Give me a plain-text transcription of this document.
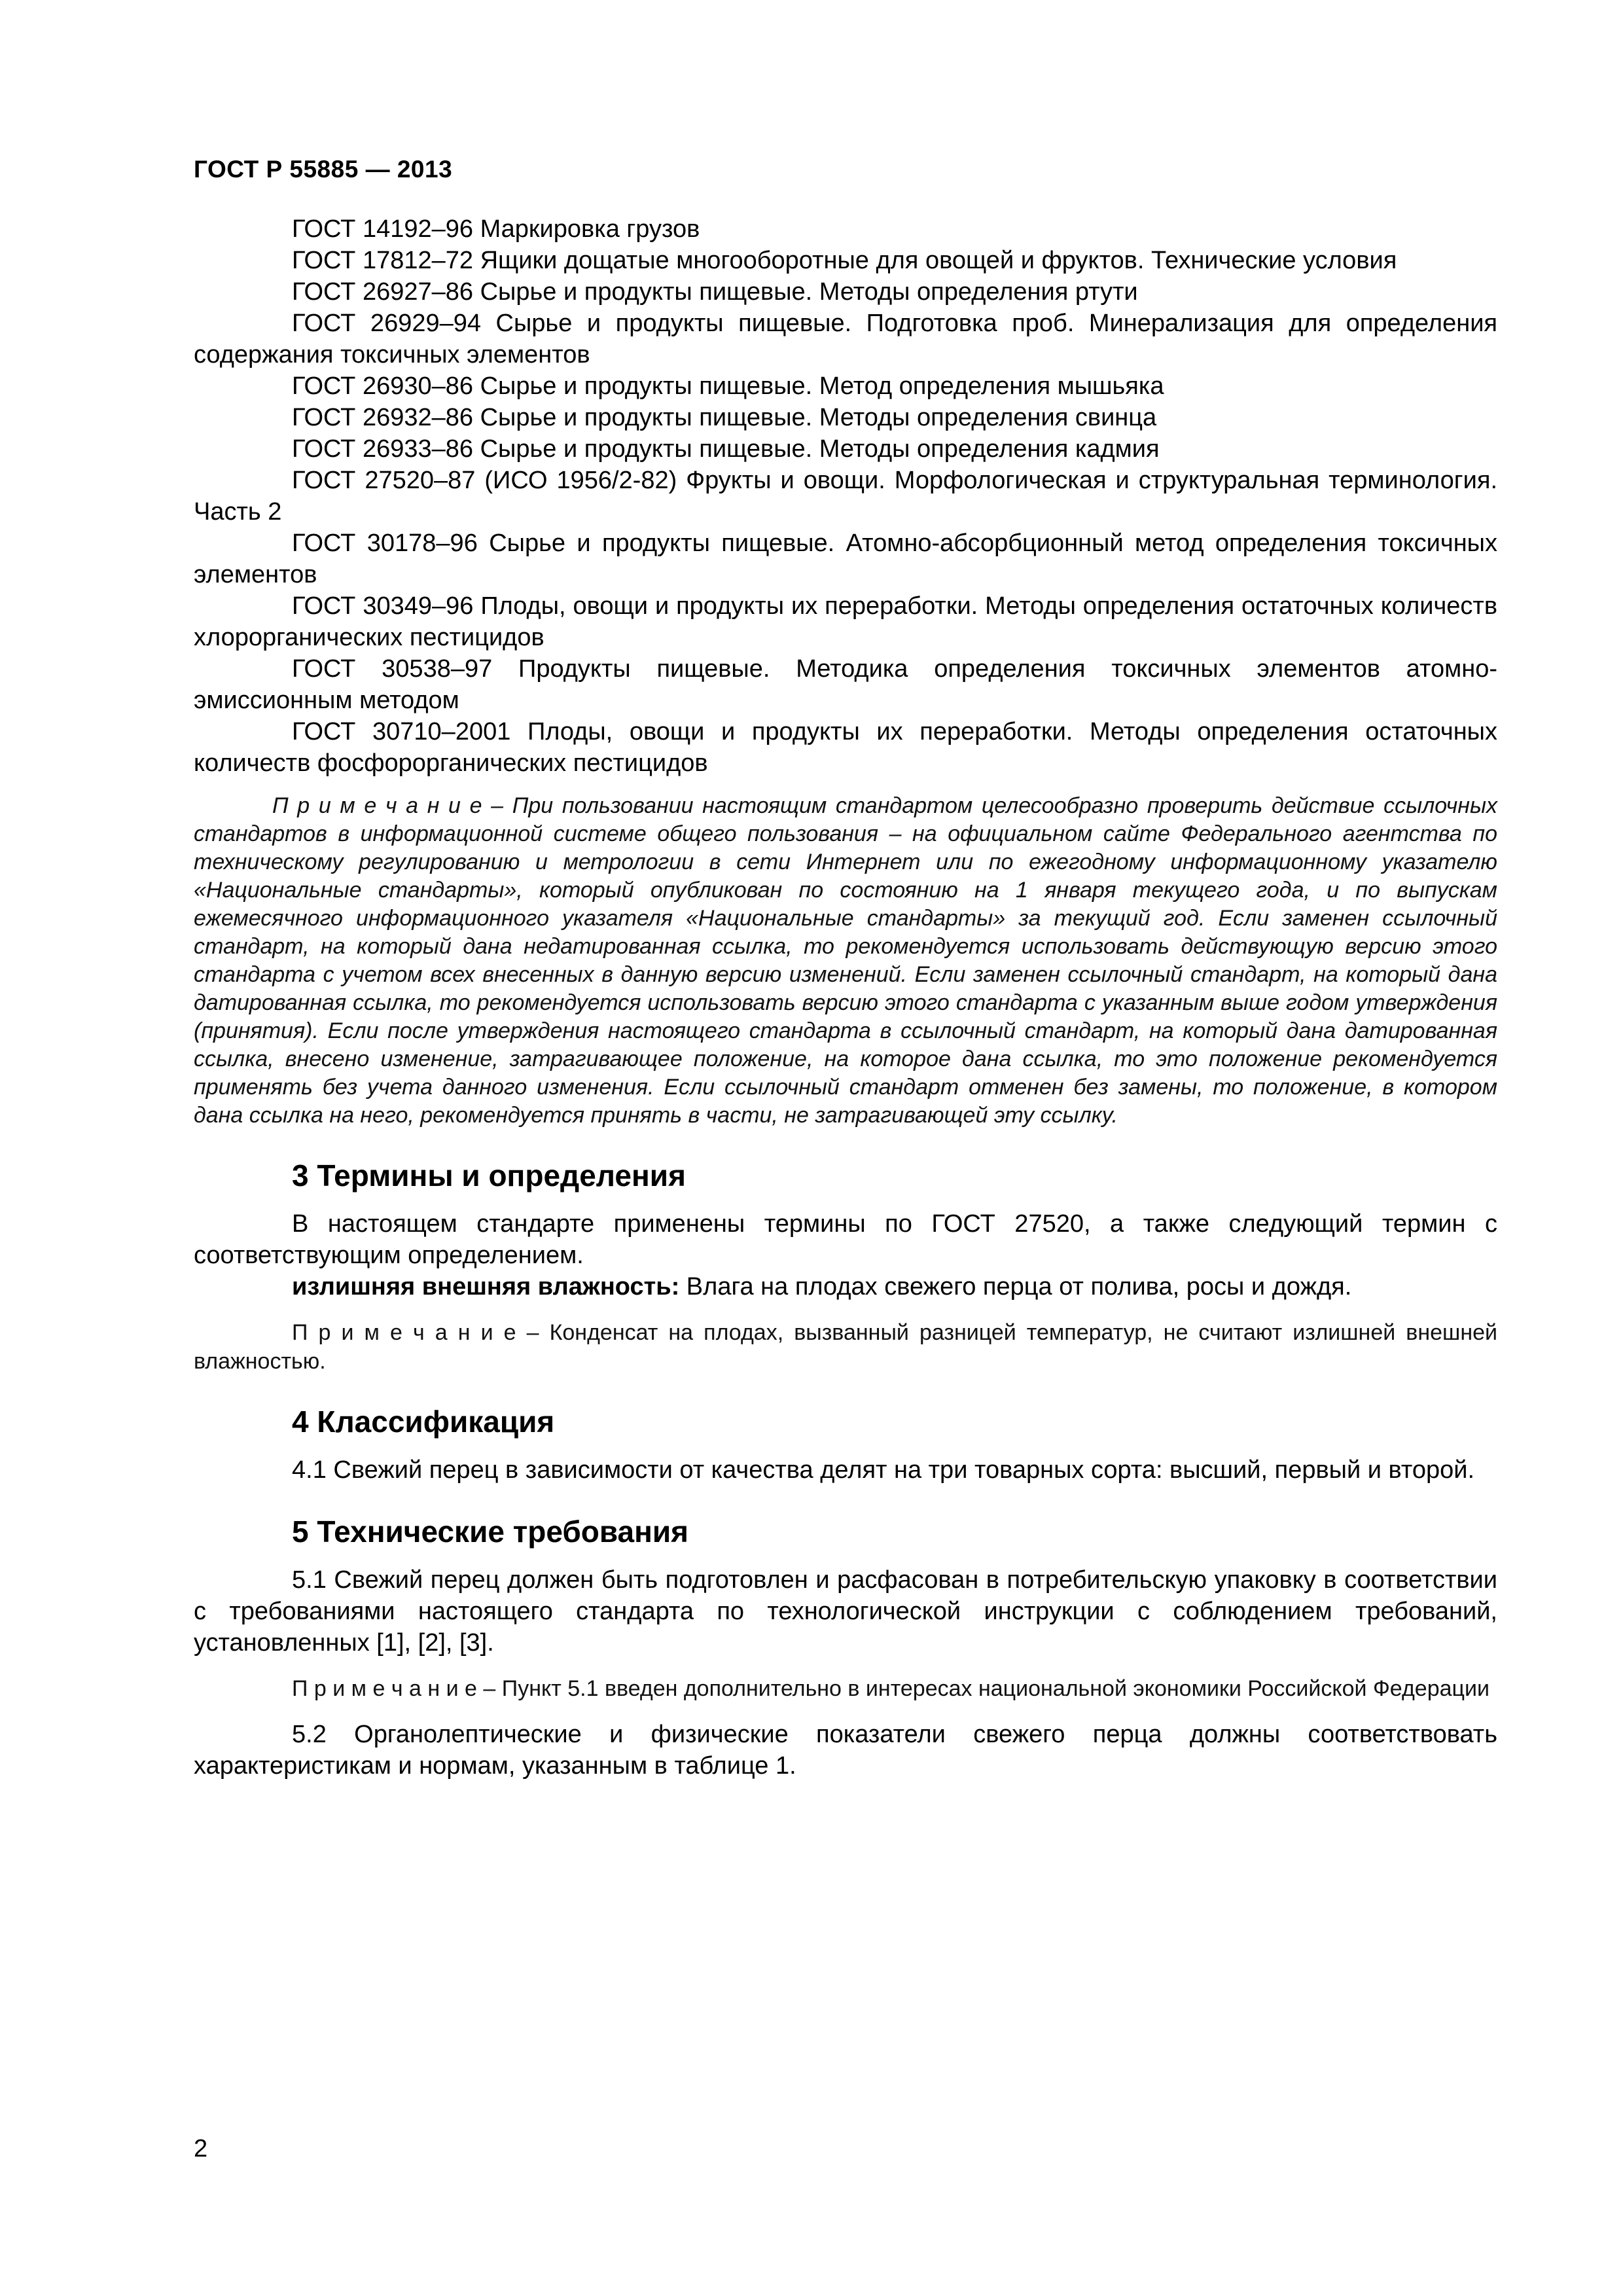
ГОСТ Р 55885 — 2013

ГОСТ 14192–96 Маркировка грузов

ГОСТ 17812–72 Ящики дощатые многооборотные для овощей и фруктов. Технические условия

ГОСТ 26927–86 Сырье и продукты пищевые. Методы определения ртути

ГОСТ 26929–94 Сырье и продукты пищевые. Подготовка проб. Минерализация для определения содержания токсичных элементов

ГОСТ 26930–86 Сырье и продукты пищевые. Метод определения мышьяка

ГОСТ 26932–86 Сырье и продукты пищевые. Методы определения свинца

ГОСТ 26933–86 Сырье и продукты пищевые. Методы определения кадмия

ГОСТ 27520–87 (ИСО 1956/2-82) Фрукты и овощи. Морфологическая и структуральная терминология. Часть 2

ГОСТ 30178–96 Сырье и продукты пищевые. Атомно-абсорбционный метод определения токсичных элементов

ГОСТ 30349–96 Плоды, овощи и продукты их переработки. Методы определения остаточных количеств хлорорганических пестицидов

ГОСТ 30538–97 Продукты пищевые. Методика определения токсичных элементов атомно-эмиссионным методом

ГОСТ 30710–2001 Плоды, овощи и продукты их переработки. Методы определения остаточных количеств фосфорорганических пестицидов

П р и м е ч а н и е – При пользовании настоящим стандартом целесообразно проверить действие ссылочных стандартов в информационной системе общего пользования – на официальном сайте Федерального агентства по техническому регулированию и метрологии в сети Интернет или по ежегодному информационному указателю «Национальные стандарты», который опубликован по состоянию на 1 января текущего года, и по выпускам ежемесячного информационного указателя «Национальные стандарты» за текущий год. Если заменен ссылочный стандарт, на который дана недатированная ссылка, то рекомендуется использовать действующую версию этого стандарта с учетом всех внесенных в данную версию изменений. Если заменен ссылочный стандарт, на который дана датированная ссылка, то рекомендуется использовать версию этого стандарта с указанным выше годом утверждения (принятия). Если после утверждения настоящего стандарта в ссылочный стандарт, на который дана датированная ссылка, внесено изменение, затрагивающее положение, на которое дана ссылка, то это положение рекомендуется применять без учета данного изменения. Если ссылочный стандарт отменен без замены, то положение, в котором дана ссылка на него, рекомендуется принять в части, не затрагивающей эту ссылку.

3 Термины и определения

В настоящем стандарте применены термины по ГОСТ 27520, а также следующий термин с соответствующим определением.

излишняя внешняя влажность: Влага на плодах свежего перца от полива, росы и дождя.

П р и м е ч а н и е – Конденсат на плодах, вызванный разницей температур, не считают излишней внешней влажностью.

4 Классификация

4.1 Свежий перец в зависимости от качества делят на три товарных сорта: высший, первый и второй.

5 Технические требования

5.1 Свежий перец должен быть подготовлен и расфасован в потребительскую упаковку в соответствии с требованиями настоящего стандарта по технологической инструкции с соблюдением требований, установленных [1], [2], [3].

П р и м е ч а н и е – Пункт 5.1 введен дополнительно в интересах национальной экономики Российской Федерации

5.2 Органолептические и физические показатели свежего перца должны соответствовать характеристикам и нормам, указанным в таблице 1.

2
